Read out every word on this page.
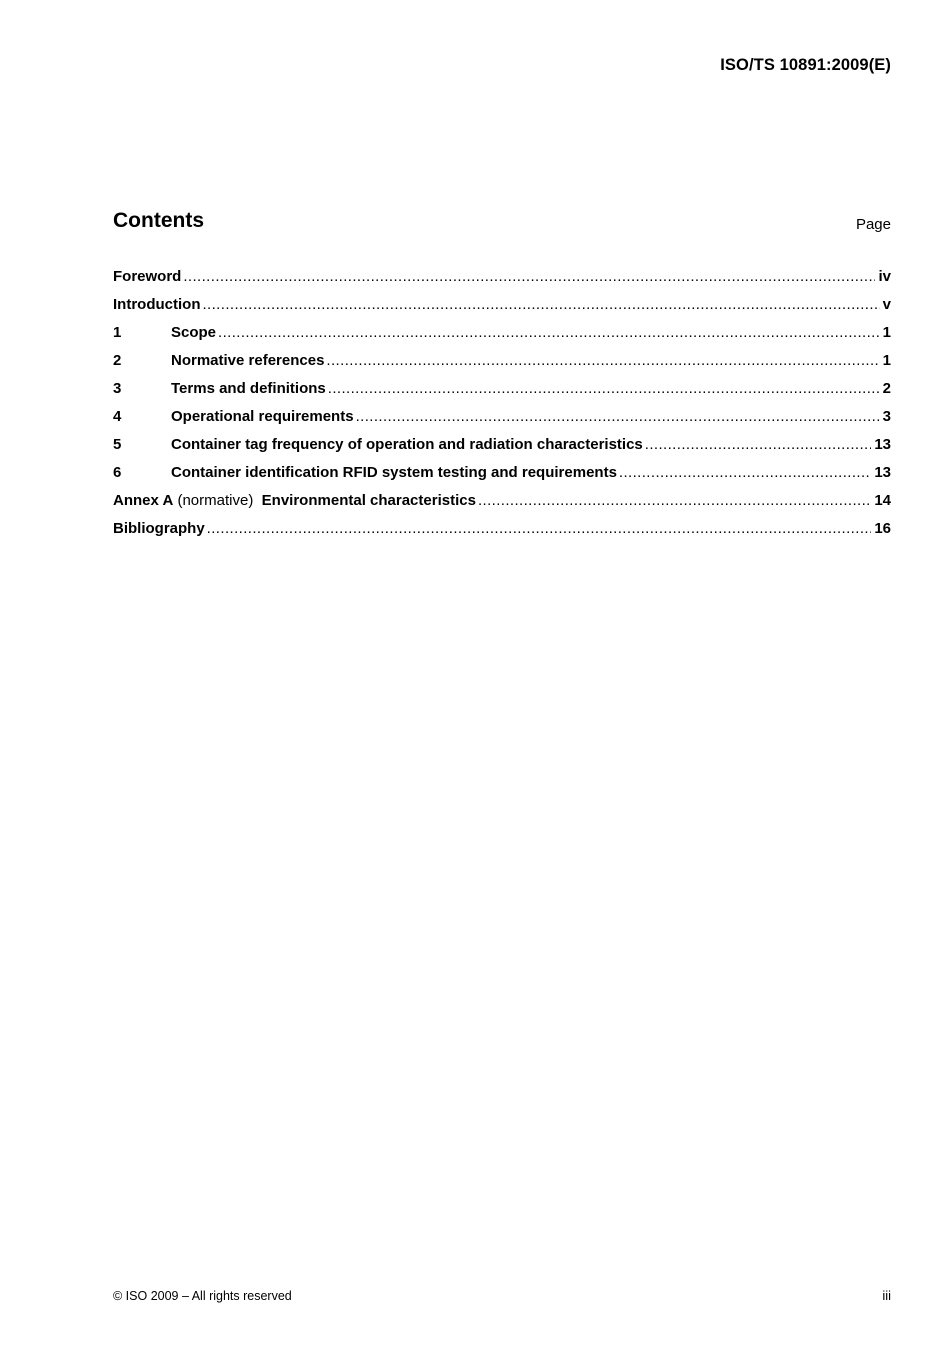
ISO/TS 10891:2009(E)
Contents	Page
Foreword .....	iv
Introduction .....	v
1	Scope .....	1
2	Normative references .....	1
3	Terms and definitions .....	2
4	Operational requirements .....	3
5	Container tag frequency of operation and radiation characteristics .....	13
6	Container identification RFID system testing and requirements .....	13
Annex A (normative) Environmental characteristics .....	14
Bibliography .....	16
© ISO 2009 – All rights reserved	iii
